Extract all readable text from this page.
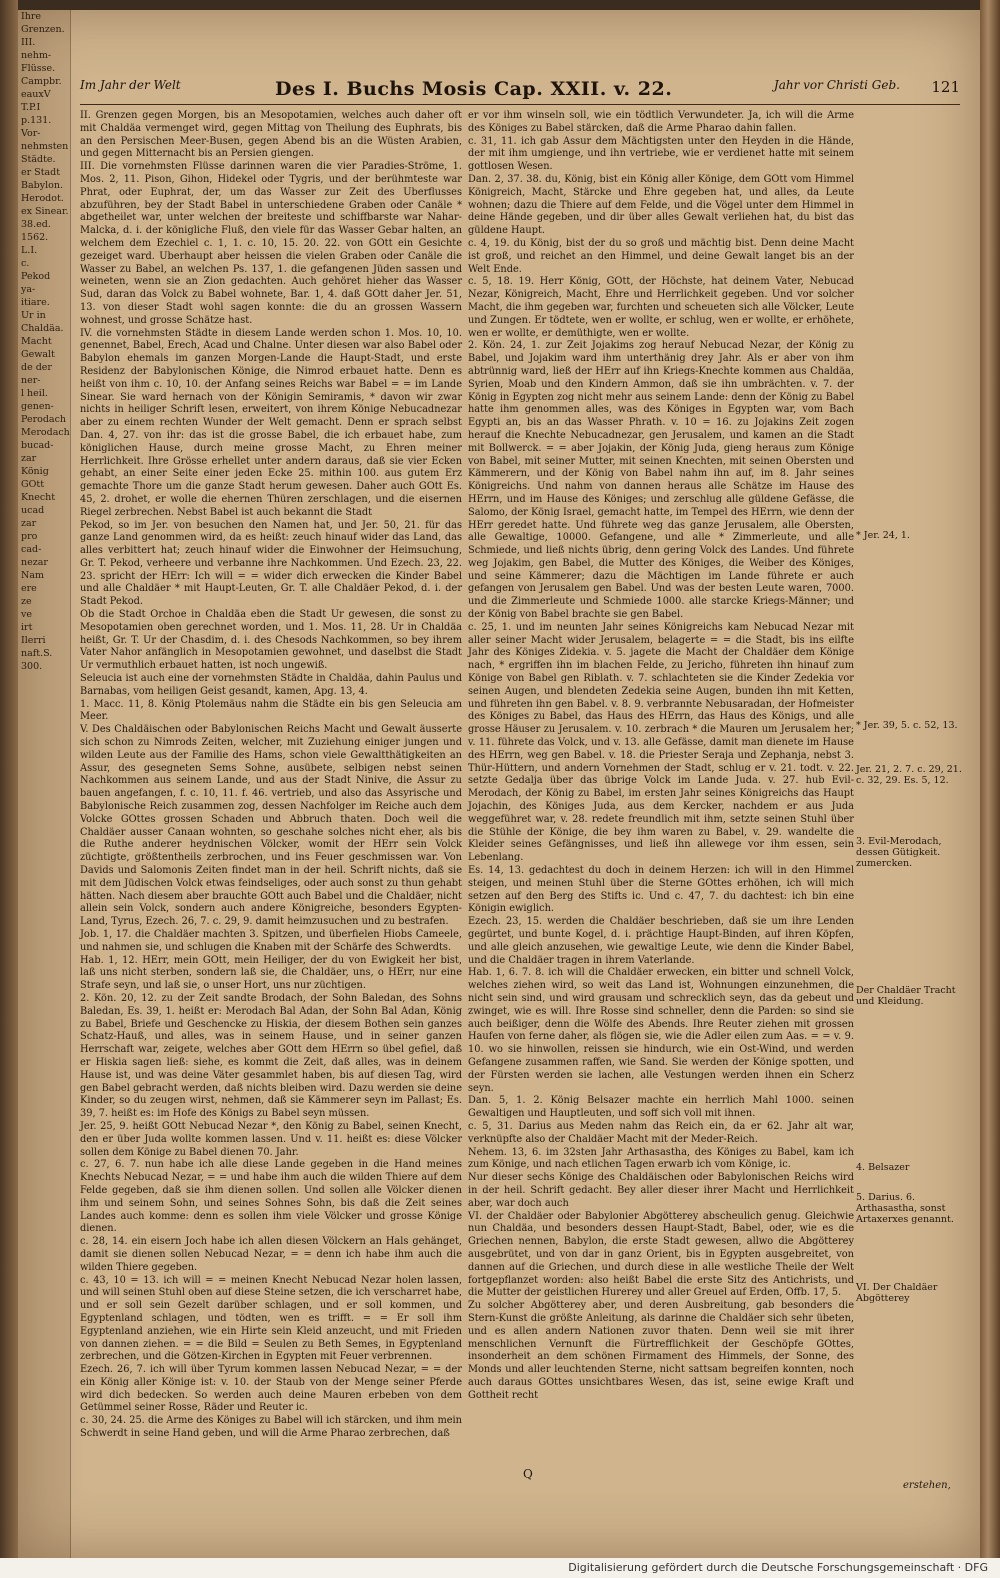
Ihre
Grenzen.
III.
nehm-
Flüsse.
Campbr.
eauxV
T.P.I
p.131.
Vor-
nehmsten
Städte.
er Stadt
Babylon.
Herodot.
ex Sinear.
38.ed.
1562.
L.I.
c.
Pekod
ya-
itiare.
Ur in
Chaldäa.
Macht
Gewalt
de der
ner-
l heil.
genen-
Perodach
Merodach
bucad-
zar
König
GOtt
Knecht
ucad
zar
pro
cad-
nezar
Nam
ere
ze
ve
irt
Ilerri
naft.S.
300.
Im Jahr der Welt	Des I. Buchs Mosis Cap. XXII. v. 22.	Jahr vor Christi Geb. 121

II. Grenzen gegen Morgen, bis an Mesopotamien, welches auch daher oft mit Chaldäa vermenget wird, gegen Mittag von Theilung des Euphrats, bis an den Persischen Meer-Busen, gegen Abend bis an die Wüsten Arabien, und gegen Mitternacht bis an Persien giengen.

III. Die vornehmsten Flüsse darinnen waren die vier Paradies-Ströme, 1. Mos. 2, 11. Pison, Gihon, Hidekel oder Tygris, und der berühmteste war Phrat, oder Euphrat, der, um das Wasser zur Zeit des Uberflusses abzuführen, bey der Stadt Babel in unterschiedene Graben oder Canäle * abgetheilet war, unter welchen der breiteste und schiffbarste war Nahar-Malcka, d. i. der königliche Fluß, den viele für das Wasser Gebar halten, an welchem dem Ezechiel c. 1, 1. c. 10, 15. 20. 22. von GOtt ein Gesichte gezeiget ward. Uberhaupt aber heissen die vielen Graben oder Canäle die Wasser zu Babel, an welchen Ps. 137, 1. die gefangenen Jüden sassen und weineten, wenn sie an Zion gedachten. Auch gehöret hieher das Wasser Sud, daran das Volck zu Babel wohnete, Bar. 1, 4. daß GOtt daher Jer. 51, 13. von dieser Stadt wohl sagen konnte: die du an grossen Wassern wohnest, und grosse Schätze hast.

IV. die vornehmsten Städte in diesem Lande werden schon 1. Mos. 10, 10. genennet, Babel, Erech, Acad und Chalne. Unter diesen war also Babel oder Babylon ehemals im ganzen Morgen-Lande die Haupt-Stadt, und erste Residenz der Babylonischen Könige, die Nimrod erbauet hatte. Denn es heißt von ihm c. 10, 10. der Anfang seines Reichs war Babel = = im Lande Sinear. Sie ward hernach von der Königin Semiramis, * davon wir zwar nichts in heiliger Schrift lesen, erweitert, von ihrem Könige Nebucadnezar aber zu einem rechten Wunder der Welt gemacht. Denn er sprach selbst Dan. 4, 27. von ihr: das ist die grosse Babel, die ich erbauet habe, zum königlichen Hause, durch meine grosse Macht, zu Ehren meiner Herrlichkeit. Ihre Grösse erhellet unter andern daraus, daß sie vier Ecken gehabt, an einer Seite einer jeden Ecke 25. mithin 100. aus gutem Erz gemachte Thore um die ganze Stadt herum gewesen. Daher auch GOtt Es. 45, 2. drohet, er wolle die ehernen Thüren zerschlagen, und die eisernen Riegel zerbrechen. Nebst Babel ist auch bekannt die Stadt

Pekod, so im Jer. von besuchen den Namen hat, und Jer. 50, 21. für das ganze Land genommen wird, da es heißt: zeuch hinauf wider das Land, das alles verbittert hat; zeuch hinauf wider die Einwohner der Heimsuchung, Gr. T. Pekod, verheere und verbanne ihre Nachkommen. Und Ezech. 23, 22. 23. spricht der HErr: Ich will = = wider dich erwecken die Kinder Babel und alle Chaldäer * mit Haupt-Leuten, Gr. T. alle Chaldäer Pekod, d. i. der Stadt Pekod.

Ob die Stadt Orchoe in Chaldäa eben die Stadt Ur gewesen, die sonst zu Mesopotamien oben gerechnet worden, und 1. Mos. 11, 28. Ur in Chaldäa heißt, Gr. T. Ur der Chasdim, d. i. des Chesods Nachkommen, so bey ihrem Vater Nahor anfänglich in Mesopotamien gewohnet, und daselbst die Stadt Ur vermuthlich erbauet hatten, ist noch ungewiß.

Seleucia ist auch eine der vornehmsten Städte in Chaldäa, dahin Paulus und Barnabas, vom heiligen Geist gesandt, kamen, Apg. 13, 4.

1. Macc. 11, 8. König Ptolemäus nahm die Städte ein bis gen Seleucia am Meer.

V. Des Chaldäischen oder Babylonischen Reichs Macht und Gewalt äusserte sich schon zu Nimrods Zeiten, welcher, mit Zuziehung einiger jungen und wilden Leute aus der Familie des Hams, schon viele Gewaltthätigkeiten an Assur, des gesegneten Sems Sohne, ausübete, selbigen nebst seinen Nachkommen aus seinem Lande, und aus der Stadt Ninive, die Assur zu bauen angefangen, f. c. 10, 11. f. 46. vertrieb, und also das Assyrische und Babylonische Reich zusammen zog, dessen Nachfolger im Reiche auch dem Volcke GOttes grossen Schaden und Abbruch thaten. Doch weil die Chaldäer ausser Canaan wohnten, so geschahe solches nicht eher, als bis die Ruthe anderer heydnischen Völcker, womit der HErr sein Volck züchtigte, größtentheils zerbrochen, und ins Feuer geschmissen war. Von Davids und Salomonis Zeiten findet man in der heil. Schrift nichts, daß sie mit dem Jüdischen Volck etwas feindseliges, oder auch sonst zu thun gehabt hätten. Nach diesem aber brauchte GOtt auch Babel und die Chaldäer, nicht allein sein Volck, sondern auch andere Königreiche, besonders Egypten-Land, Tyrus, Ezech. 26, 7. c. 29, 9. damit heimzusuchen und zu bestrafen.

Job. 1, 17. die Chaldäer machten 3. Spitzen, und überfielen Hiobs Cameele, und nahmen sie, und schlugen die Knaben mit der Schärfe des Schwerdts.

Hab. 1, 12. HErr, mein GOtt, mein Heiliger, der du von Ewigkeit her bist, laß uns nicht sterben, sondern laß sie, die Chaldäer, uns, o HErr, nur eine Strafe seyn, und laß sie, o unser Hort, uns nur züchtigen.

2. Kön. 20, 12. zu der Zeit sandte Brodach, der Sohn Baledan, des Sohns Baledan, Es. 39, 1. heißt er: Merodach Bal Adan, der Sohn Bal Adan, König zu Babel, Briefe und Geschencke zu Hiskia, der diesem Bothen sein ganzes Schatz-Hauß, und alles, was in seinem Hause, und in seiner ganzen Herrschaft war, zeigete, welches aber GOtt dem HErrn so übel gefiel, daß er Hiskia sagen ließ: siehe, es kommt die Zeit, daß alles, was in deinem Hause ist, und was deine Väter gesammlet haben, bis auf diesen Tag, wird gen Babel gebracht werden, daß nichts bleiben wird. Dazu werden sie deine Kinder, so du zeugen wirst, nehmen, daß sie Kämmerer seyn im Pallast; Es. 39, 7. heißt es: im Hofe des Königs zu Babel seyn müssen.

Jer. 25, 9. heißt GOtt Nebucad Nezar *, den König zu Babel, seinen Knecht, den er über Juda wollte kommen lassen. Und v. 11. heißt es: diese Völcker sollen dem Könige zu Babel dienen 70. Jahr.

c. 27, 6. 7. nun habe ich alle diese Lande gegeben in die Hand meines Knechts Nebucad Nezar, = = und habe ihm auch die wilden Thiere auf dem Felde gegeben, daß sie ihm dienen sollen. Und sollen alle Völcker dienen ihm und seinem Sohn, und seines Sohnes Sohn, bis daß die Zeit seines Landes auch komme: denn es sollen ihm viele Völcker und grosse Könige dienen.

c. 28, 14. ein eisern Joch habe ich allen diesen Völckern an Hals gehänget, damit sie dienen sollen Nebucad Nezar, = = denn ich habe ihm auch die wilden Thiere gegeben.

c. 43, 10 = 13. ich will = = meinen Knecht Nebucad Nezar holen lassen, und will seinen Stuhl oben auf diese Steine setzen, die ich verscharret habe, und er soll sein Gezelt darüber schlagen, und er soll kommen, und Egyptenland schlagen, und tödten, wen es trifft. = = Er soll ihm Egyptenland anziehen, wie ein Hirte sein Kleid anzeucht, und mit Frieden von dannen ziehen. = = die Bild = Seulen zu Beth Semes, in Egyptenland zerbrechen, und die Götzen-Kirchen in Egypten mit Feuer verbrennen.

Ezech. 26, 7. ich will über Tyrum kommen lassen Nebucad Nezar, = = der ein König aller Könige ist: v. 10. der Staub von der Menge seiner Pferde wird dich bedecken. So werden auch deine Mauren erbeben von dem Getümmel seiner Rosse, Räder und Reuter ic.

c. 30, 24. 25. die Arme des Königes zu Babel will ich stärcken, und ihm mein Schwerdt in seine Hand geben, und will die Arme Pharao zerbrechen, daß

er vor ihm winseln soll, wie ein tödtlich Verwundeter. Ja, ich will die Arme des Königes zu Babel stärcken, daß die Arme Pharao dahin fallen.

c. 31, 11. ich gab Assur dem Mächtigsten unter den Heyden in die Hände, der mit ihm umgienge, und ihn vertriebe, wie er verdienet hatte mit seinem gottlosen Wesen.

Dan. 2, 37. 38. du, König, bist ein König aller Könige, dem GOtt vom Himmel Königreich, Macht, Stärcke und Ehre gegeben hat, und alles, da Leute wohnen; dazu die Thiere auf dem Felde, und die Vögel unter dem Himmel in deine Hände gegeben, und dir über alles Gewalt verliehen hat, du bist das güldene Haupt.

c. 4, 19. du König, bist der du so groß und mächtig bist. Denn deine Macht ist groß, und reichet an den Himmel, und deine Gewalt langet bis an der Welt Ende.

c. 5, 18. 19. Herr König, GOtt, der Höchste, hat deinem Vater, Nebucad Nezar, Königreich, Macht, Ehre und Herrlichkeit gegeben. Und vor solcher Macht, die ihm gegeben war, furchten und scheueten sich alle Völcker, Leute und Zungen. Er tödtete, wen er wollte, er schlug, wen er wollte, er erhöhete, wen er wollte, er demüthigte, wen er wollte.

2. Kön. 24, 1. zur Zeit Jojakims zog herauf Nebucad Nezar, der König zu Babel, und Jojakim ward ihm unterthänig drey Jahr. Als er aber von ihm abtrünnig ward, ließ der HErr auf ihn Kriegs-Knechte kommen aus Chaldäa, Syrien, Moab und den Kindern Ammon, daß sie ihn umbrächten. v. 7. der König in Egypten zog nicht mehr aus seinem Lande: denn der König zu Babel hatte ihm genommen alles, was des Königes in Egypten war, vom Bach Egypti an, bis an das Wasser Phrath. v. 10 = 16. zu Jojakins Zeit zogen herauf die Knechte Nebucadnezar, gen Jerusalem, und kamen an die Stadt mit Bollwerck. = = aber Jojakin, der König Juda, gieng heraus zum Könige von Babel, mit seiner Mutter, mit seinen Knechten, mit seinen Obersten und Kämmerern, und der König von Babel nahm ihn auf, im 8. Jahr seines Königreichs. Und nahm von dannen heraus alle Schätze im Hause des HErrn, und im Hause des Königes; und zerschlug alle güldene Gefässe, die Salomo, der König Israel, gemacht hatte, im Tempel des HErrn, wie denn der HErr geredet hatte. Und führete weg das ganze Jerusalem, alle Obersten, alle Gewaltige, 10000. Gefangene, und alle * Zimmerleute, und alle Schmiede, und ließ nichts übrig, denn gering Volck des Landes. Und führete weg Jojakim, gen Babel, die Mutter des Königes, die Weiber des Königes, und seine Kämmerer; dazu die Mächtigen im Lande führete er auch gefangen von Jerusalem gen Babel. Und was der besten Leute waren, 7000. und die Zimmerleute und Schmiede 1000. alle starcke Kriegs-Männer; und der König von Babel brachte sie gen Babel.

c. 25, 1. und im neunten Jahr seines Königreichs kam Nebucad Nezar mit aller seiner Macht wider Jerusalem, belagerte = = die Stadt, bis ins eilfte Jahr des Königes Zidekia. v. 5. jagete die Macht der Chaldäer dem Könige nach, * ergriffen ihn im blachen Felde, zu Jericho, führeten ihn hinauf zum Könige von Babel gen Riblath. v. 7. schlachteten sie die Kinder Zedekia vor seinen Augen, und blendeten Zedekia seine Augen, bunden ihn mit Ketten, und führeten ihn gen Babel. v. 8. 9. verbrannte Nebusaradan, der Hofmeister des Königes zu Babel, das Haus des HErrn, das Haus des Königs, und alle grosse Häuser zu Jerusalem. v. 10. zerbrach * die Mauren um Jerusalem her; v. 11. führete das Volck, und v. 13. alle Gefässe, damit man dienete im Hause des HErrn, weg gen Babel. v. 18. die Priester Seraja und Zephanja, nebst 3. Thür-Hüttern, und andern Vornehmen der Stadt, schlug er v. 21. todt. v. 22. setzte Gedalja über das übrige Volck im Lande Juda. v. 27. hub Evil-Merodach, der König zu Babel, im ersten Jahr seines Königreichs das Haupt Jojachin, des Königes Juda, aus dem Kercker, nachdem er aus Juda weggeführet war, v. 28. redete freundlich mit ihm, setzte seinen Stuhl über die Stühle der Könige, die bey ihm waren zu Babel, v. 29. wandelte die Kleider seines Gefängnisses, und ließ ihn allewege vor ihm essen, sein Lebenlang.

Es. 14, 13. gedachtest du doch in deinem Herzen: ich will in den Himmel steigen, und meinen Stuhl über die Sterne GOttes erhöhen, ich will mich setzen auf den Berg des Stifts ic. Und c. 47, 7. du dachtest: ich bin eine Königin ewiglich.

Ezech. 23, 15. werden die Chaldäer beschrieben, daß sie um ihre Lenden gegürtet, und bunte Kogel, d. i. prächtige Haupt-Binden, auf ihren Köpfen, und alle gleich anzusehen, wie gewaltige Leute, wie denn die Kinder Babel, und die Chaldäer tragen in ihrem Vaterlande.

Hab. 1, 6. 7. 8. ich will die Chaldäer erwecken, ein bitter und schnell Volck, welches ziehen wird, so weit das Land ist, Wohnungen einzunehmen, die nicht sein sind, und wird grausam und schrecklich seyn, das da gebeut und zwinget, wie es will. Ihre Rosse sind schneller, denn die Parden: so sind sie auch beißiger, denn die Wölfe des Abends. Ihre Reuter ziehen mit grossen Haufen von ferne daher, als flögen sie, wie die Adler eilen zum Aas. = = v. 9. 10. wo sie hinwollen, reissen sie hindurch, wie ein Ost-Wind, und werden Gefangene zusammen raffen, wie Sand. Sie werden der Könige spotten, und der Fürsten werden sie lachen, alle Vestungen werden ihnen ein Scherz seyn.

Dan. 5, 1. 2. König Belsazer machte ein herrlich Mahl 1000. seinen Gewaltigen und Hauptleuten, und soff sich voll mit ihnen.

c. 5, 31. Darius aus Meden nahm das Reich ein, da er 62. Jahr alt war, verknüpfte also der Chaldäer Macht mit der Meder-Reich.

Nehem. 13, 6. im 32sten Jahr Arthasastha, des Königes zu Babel, kam ich zum Könige, und nach etlichen Tagen erwarb ich vom Könige, ic.

Nur dieser sechs Könige des Chaldäischen oder Babylonischen Reichs wird in der heil. Schrift gedacht. Bey aller dieser ihrer Macht und Herrlichkeit aber, war doch auch

VI. der Chaldäer oder Babylonier Abgötterey abscheulich genug. Gleichwie nun Chaldäa, und besonders dessen Haupt-Stadt, Babel, oder, wie es die Griechen nennen, Babylon, die erste Stadt gewesen, allwo die Abgötterey ausgebrütet, und von dar in ganz Orient, bis in Egypten ausgebreitet, von dannen auf die Griechen, und durch diese in alle westliche Theile der Welt fortgepflanzet worden: also heißt Babel die erste Sitz des Antichrists, und die Mutter der geistlichen Hurerey und aller Greuel auf Erden, Offb. 17, 5.

Zu solcher Abgötterey aber, und deren Ausbreitung, gab besonders die Stern-Kunst die größte Anleitung, als darinne die Chaldäer sich sehr übeten, und es allen andern Nationen zuvor thaten. Denn weil sie mit ihrer menschlichen Vernunft die Fürtrefflichkeit der Geschöpfe GOttes, insonderheit an dem schönen Firmament des Himmels, der Sonne, des Monds und aller leuchtenden Sterne, nicht sattsam begreifen konnten, noch auch daraus GOttes unsichtbares Wesen, das ist, seine ewige Kraft und Gottheit recht

* Jer. 24, 1.
* Jer. 39, 5. c. 52, 13.
Jer. 21, 2. 7. c. 29, 21. c. 32, 29. Es. 5, 12.
3. Evil-Merodach, dessen Gütigkeit. zumercken.
Der Chaldäer Tracht und Kleidung.
4. Belsazer
5. Darius. 6. Arthasastha, sonst Artaxerxes genannt.
VI. Der Chaldäer Abgötterey
Q
erstehen,
Digitalisierung gefördert durch die Deutsche Forschungsgemeinschaft · DFG
